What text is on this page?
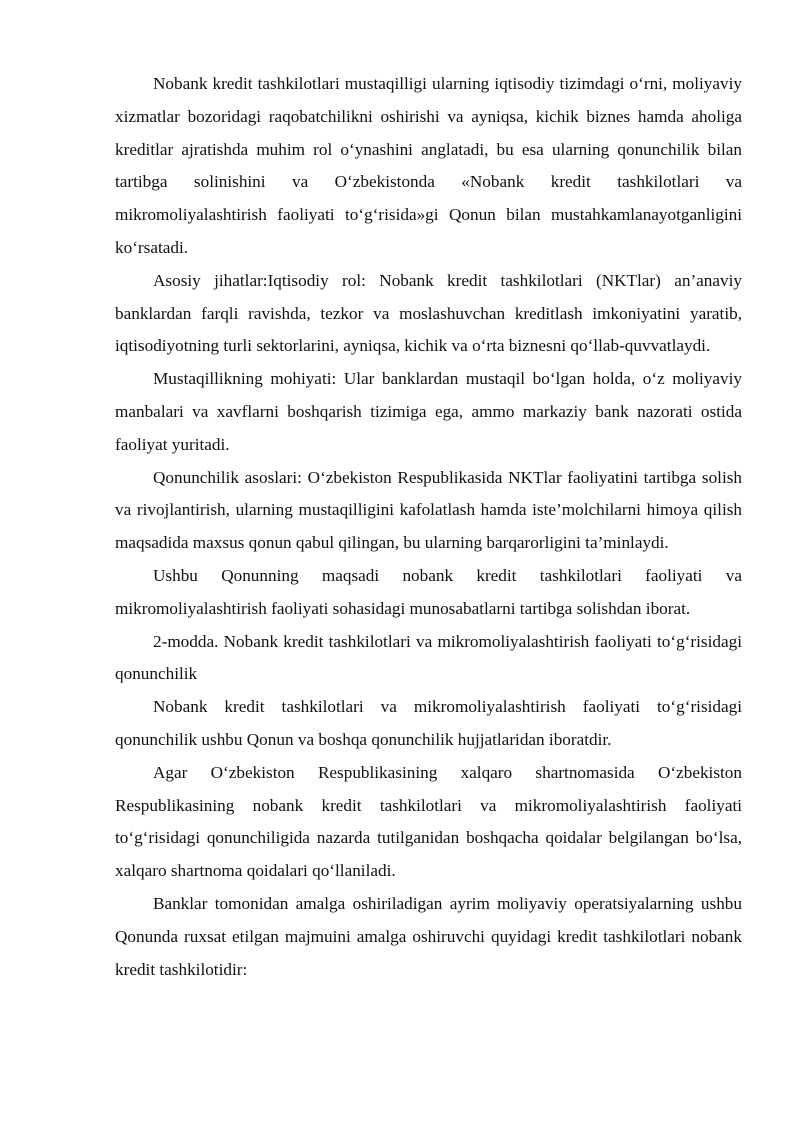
Nobank kredit tashkilotlari mustaqilligi ularning iqtisodiy tizimdagi o‘rni, moliyaviy xizmatlar bozoridagi raqobatchilikni oshirishi va ayniqsa, kichik biznes hamda aholiga kreditlar ajratishda muhim rol o‘ynashini anglatadi, bu esa ularning qonunchilik bilan tartibga solinishini va O‘zbekistonda «Nobank kredit tashkilotlari va mikromoliyalashtirish faoliyati to‘g‘risida»gi Qonun bilan mustahkamlanayotganligini ko‘rsatadi.

Asosiy jihatlar:Iqtisodiy rol: Nobank kredit tashkilotlari (NKTlar) an’anaviy banklardan farqli ravishda, tezkor va moslashuvchan kreditlash imkoniyatini yaratib, iqtisodiyotning turli sektorlarini, ayniqsa, kichik va o‘rta biznesni qo‘llab-quvvatlaydi.

Mustaqillikning mohiyati: Ular banklardan mustaqil bo‘lgan holda, o‘z moliyaviy manbalari va xavflarni boshqarish tizimiga ega, ammo markaziy bank nazorati ostida faoliyat yuritadi.

Qonunchilik asoslari: O‘zbekiston Respublikasida NKTlar faoliyatini tartibga solish va rivojlantirish, ularning mustaqilligini kafolatlash hamda iste’molchilarni himoya qilish maqsadida maxsus qonun qabul qilingan, bu ularning barqarorligini ta’minlaydi.

Ushbu Qonunning maqsadi nobank kredit tashkilotlari faoliyati va mikromoliyalashtirish faoliyati sohasidagi munosabatlarni tartibga solishdan iborat.

2-modda. Nobank kredit tashkilotlari va mikromoliyalashtirish faoliyati to‘g‘risidagi qonunchilik

Nobank kredit tashkilotlari va mikromoliyalashtirish faoliyati to‘g‘risidagi qonunchilik ushbu Qonun va boshqa qonunchilik hujjatlaridan iboratdir.

Agar O‘zbekiston Respublikasining xalqaro shartnomasida O‘zbekiston Respublikasining nobank kredit tashkilotlari va mikromoliyalashtirish faoliyati to‘g‘risidagi qonunchiligida nazarda tutilganidan boshqacha qoidalar belgilangan bo‘lsa, xalqaro shartnoma qoidalari qo‘llaniladi.

Banklar tomonidan amalga oshiriladigan ayrim moliyaviy operatsiyalarning ushbu Qonunda ruxsat etilgan majmuini amalga oshiruvchi quyidagi kredit tashkilotlari nobank kredit tashkilotidir:
